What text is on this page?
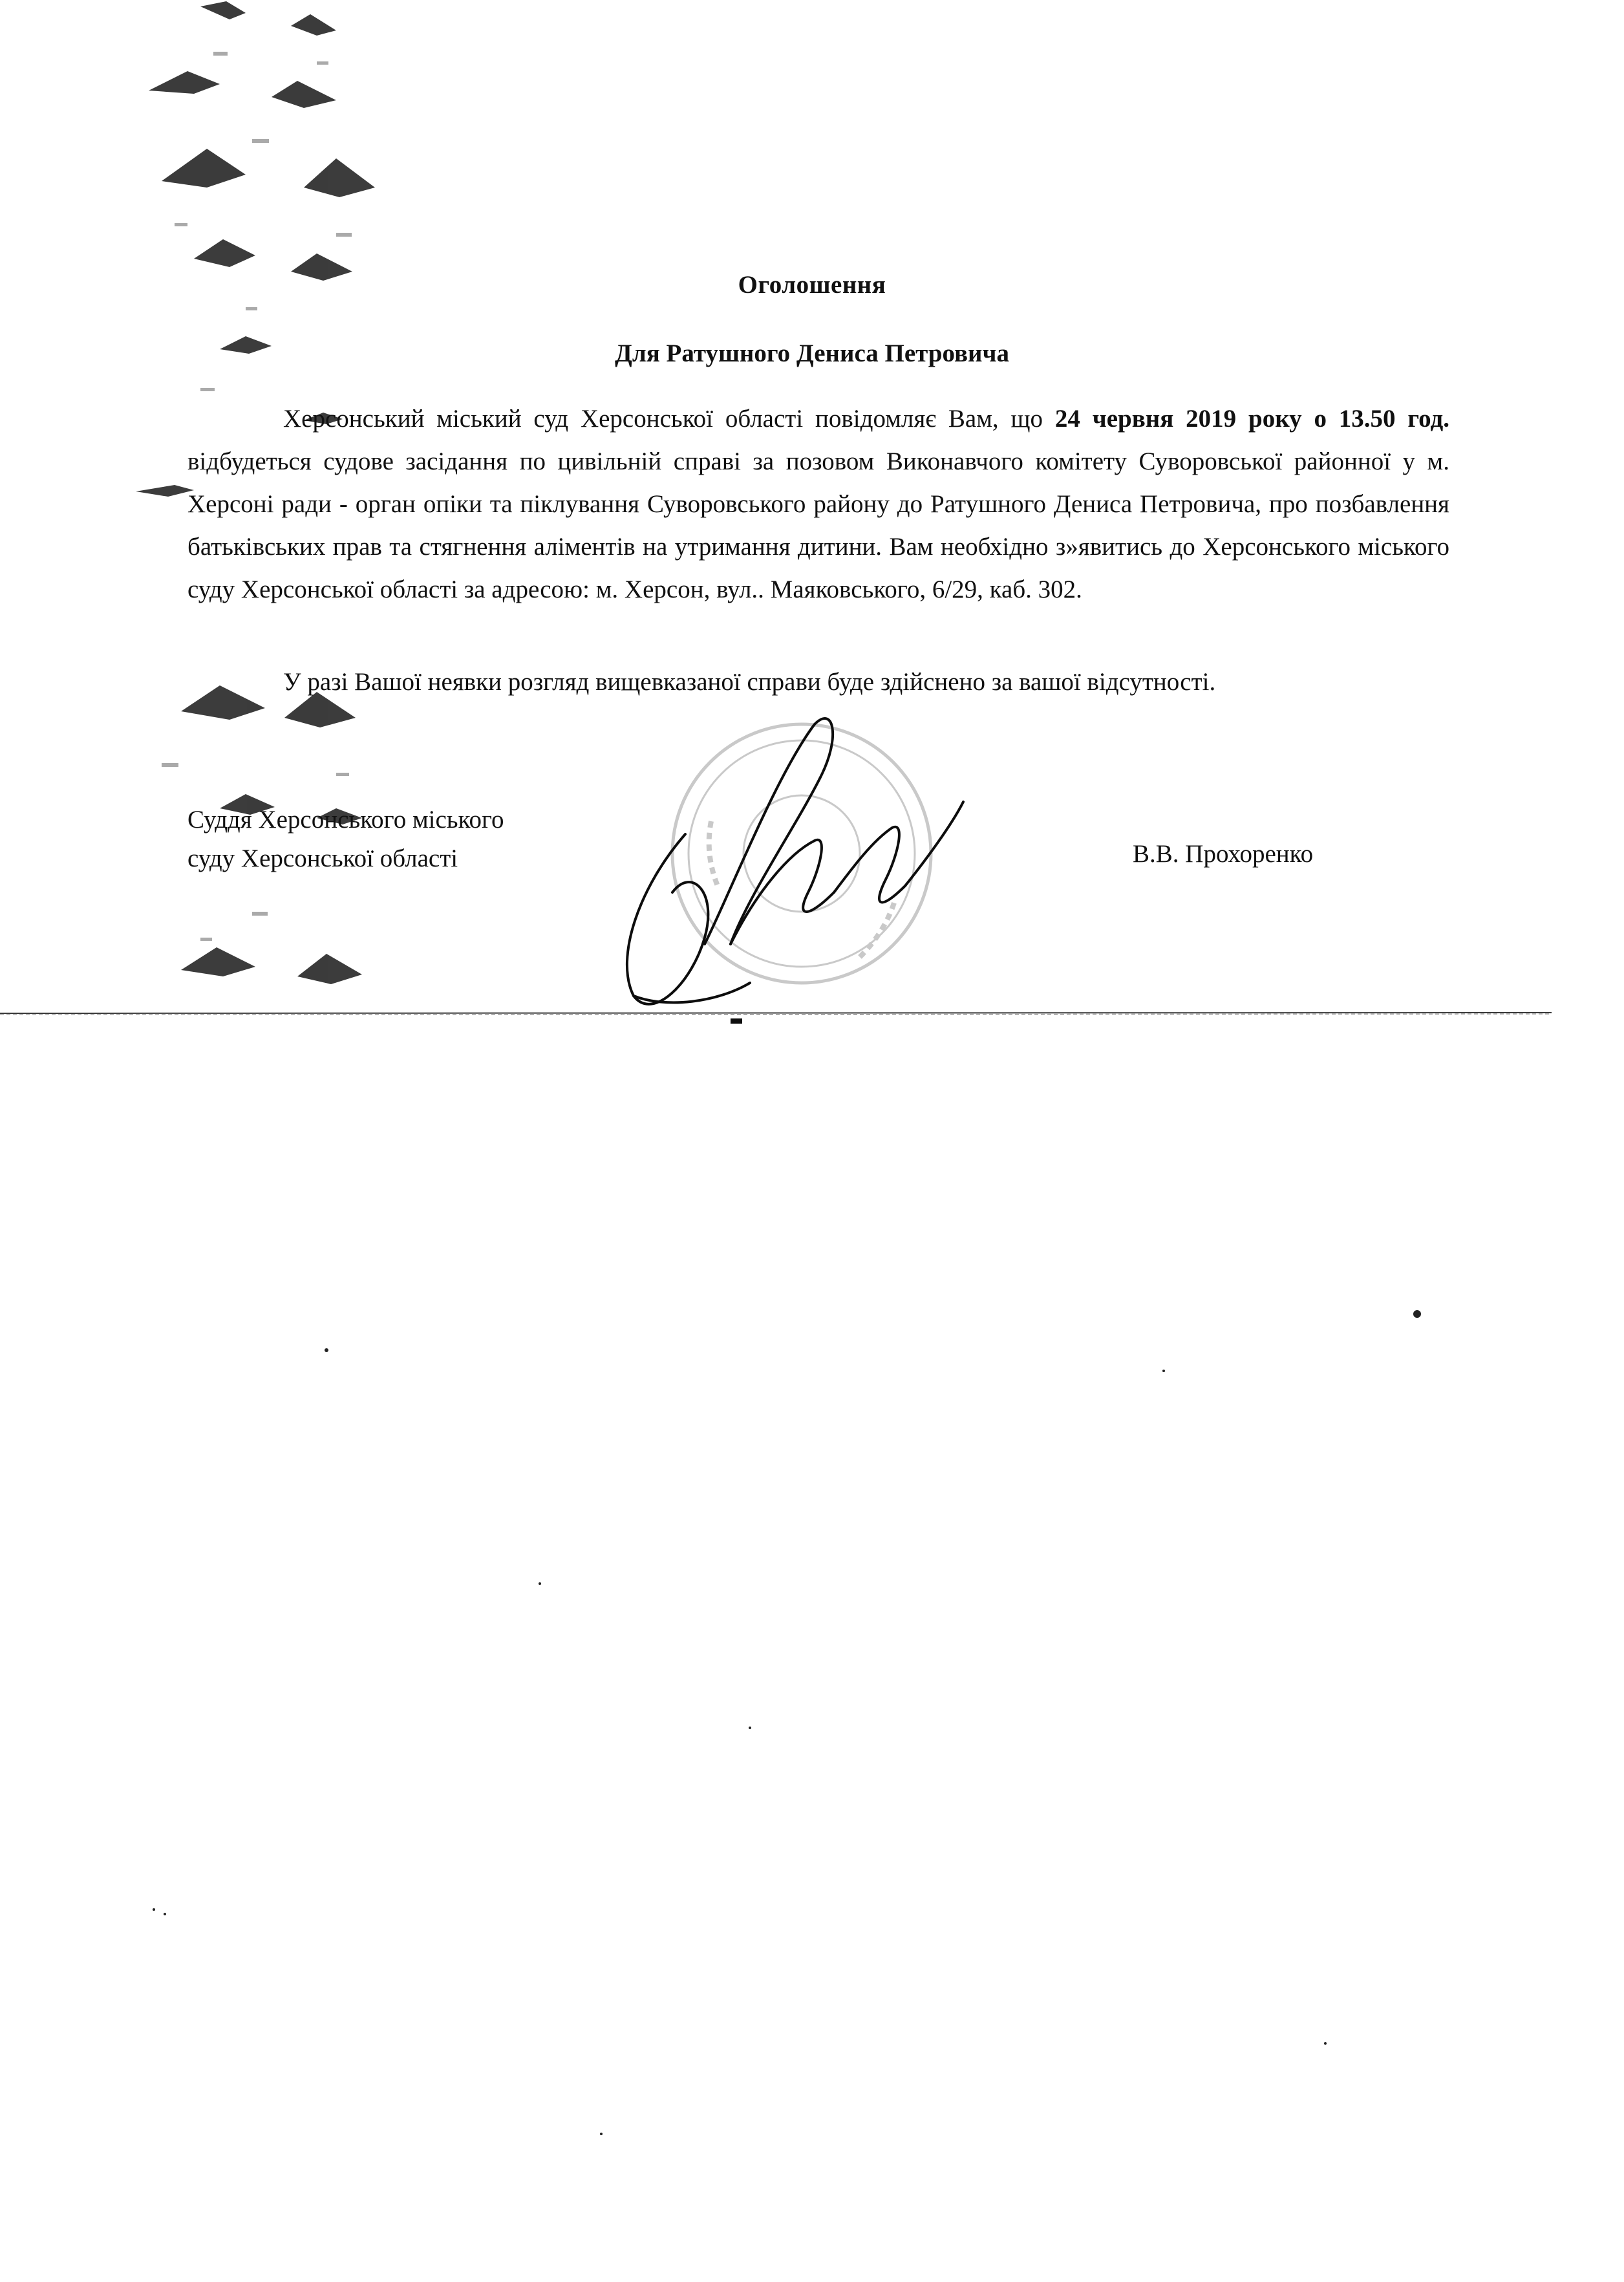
Оголошення
Для Ратушного Дениса Петровича

Херсонський міський суд Херсонської області повідомляє Вам, що 24 червня 2019 року о 13.50 год. відбудеться судове засідання по цивільній справі за позовом Виконавчого комітету Суворовської районної у м. Херсоні ради - орган опіки та піклування Суворовського району до Ратушного Дениса Петровича, про позбавлення батьківських прав та стягнення аліментів на утримання дитини. Вам необхідно з»явитись до Херсонського міського суду Херсонської області за адресою: м. Херсон, вул.. Маяковського, 6/29, каб. 302.

У разі Вашої неявки розгляд вищевказаної справи буде здійснено за вашої відсутності.
Суддя Херсонського міського
суду Херсонської області	В.В. Прохоренко
